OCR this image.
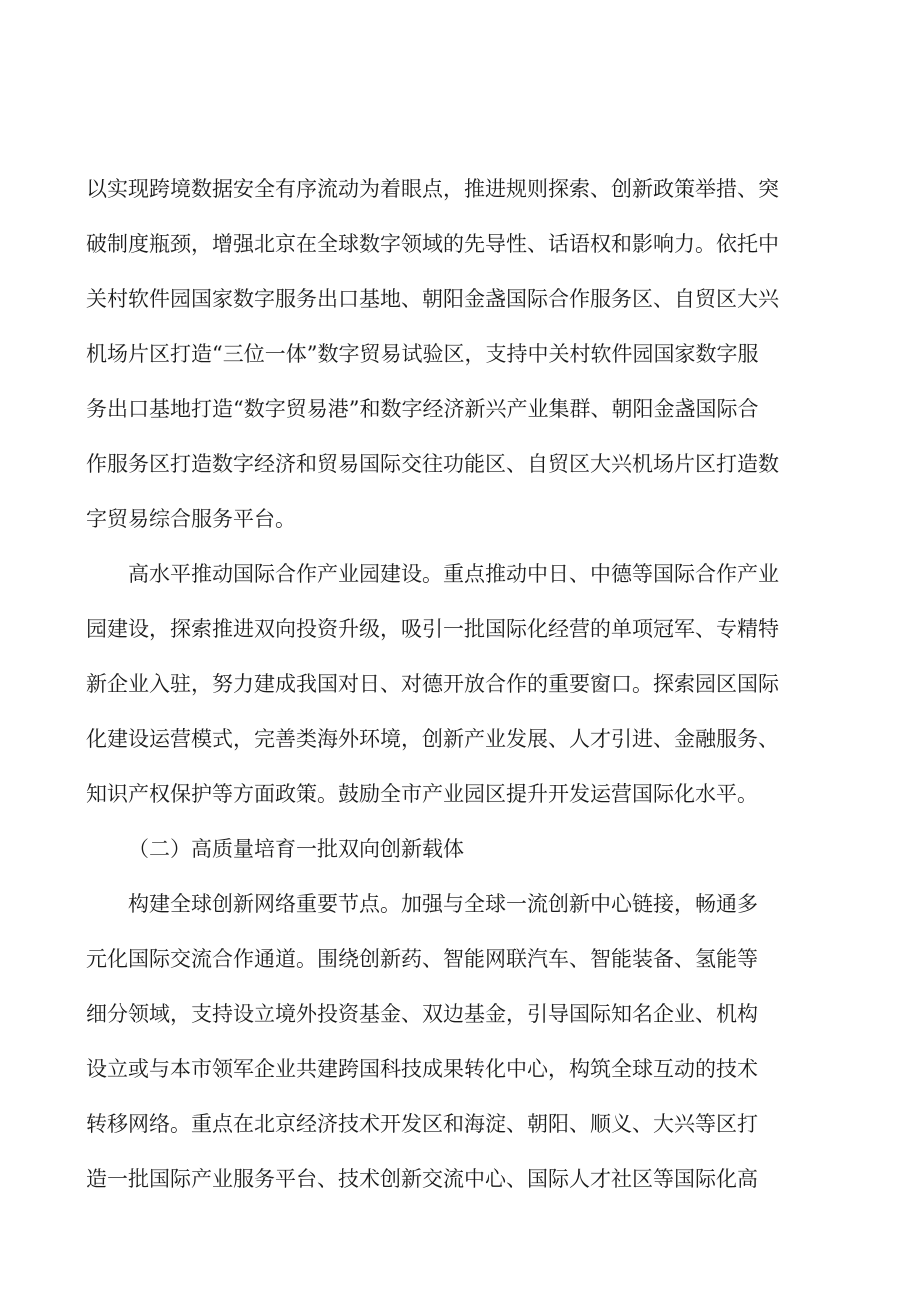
以实现跨境数据安全有序流动为着眼点，推进规则探索、创新政策举措、突
破制度瓶颈，增强北京在全球数字领域的先导性、话语权和影响力。依托中
关村软件园国家数字服务出口基地、朝阳金盏国际合作服务区、自贸区大兴
机场片区打造“三位一体”数字贸易试验区，支持中关村软件园国家数字服
务出口基地打造“数字贸易港”和数字经济新兴产业集群、朝阳金盏国际合
作服务区打造数字经济和贸易国际交往功能区、自贸区大兴机场片区打造数
字贸易综合服务平台。
高水平推动国际合作产业园建设。重点推动中日、中德等国际合作产业
园建设，探索推进双向投资升级，吸引一批国际化经营的单项冠军、专精特
新企业入驻，努力建成我国对日、对德开放合作的重要窗口。探索园区国际
化建设运营模式，完善类海外环境，创新产业发展、人才引进、金融服务、
知识产权保护等方面政策。鼓励全市产业园区提升开发运营国际化水平。
（二）高质量培育一批双向创新载体
构建全球创新网络重要节点。加强与全球一流创新中心链接，畅通多
元化国际交流合作通道。围绕创新药、智能网联汽车、智能装备、氢能等
细分领域，支持设立境外投资基金、双边基金，引导国际知名企业、机构
设立或与本市领军企业共建跨国科技成果转化中心，构筑全球互动的技术
转移网络。重点在北京经济技术开发区和海淀、朝阳、顺义、大兴等区打
造一批国际产业服务平台、技术创新交流中心、国际人才社区等国际化高
